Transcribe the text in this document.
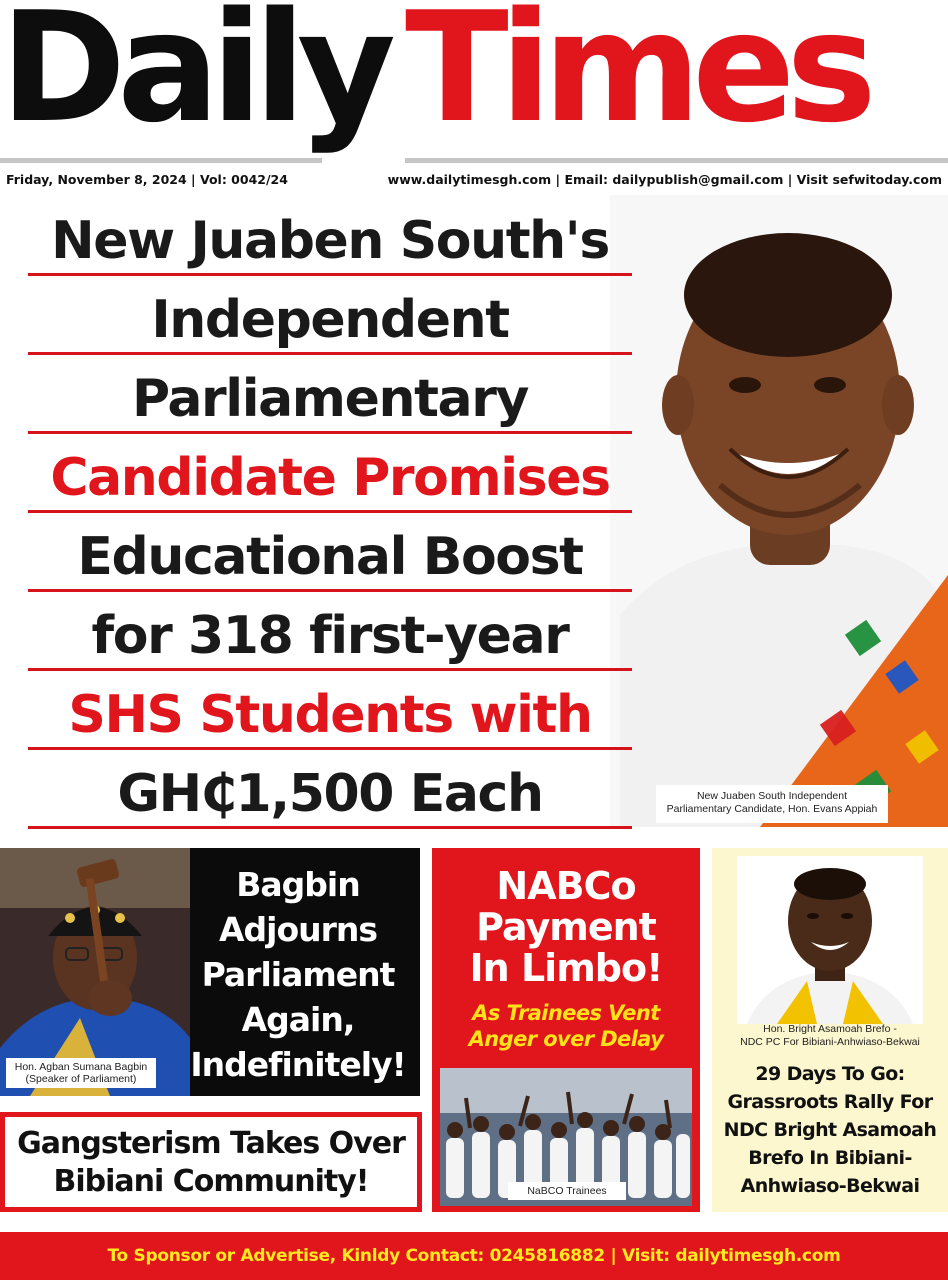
Daily Times
Friday, November 8, 2024 | Vol: 0042/24	www.dailytimesgh.com | Email: dailypublish@gmail.com | Visit sefwitoday.com
New Juaben South's
Independent
Parliamentary
Candidate Promises
Educational Boost
for 318 first-year
SHS Students with
GH₵1,500 Each	New Juaben South Independent
Parliamentary Candidate, Hon. Evans Appiah
Hon. Agban Sumana Bagbin
(Speaker of Parliament)
Bagbin
Adjourns
Parliament
Again,
Indefinitely!
Gangsterism Takes Over
Bibiani Community!
NABCo
Payment
In Limbo!
As Trainees Vent
Anger over Delay
NaBCO Trainees
Hon. Bright Asamoah Brefo -
NDC PC For Bibiani-Anhwiaso-Bekwai
29 Days To Go:
Grassroots Rally For
NDC Bright Asamoah
Brefo In Bibiani-
Anhwiaso-Bekwai
To Sponsor or Advertise, Kinldy Contact: 0245816882 | Visit: dailytimesgh.com
